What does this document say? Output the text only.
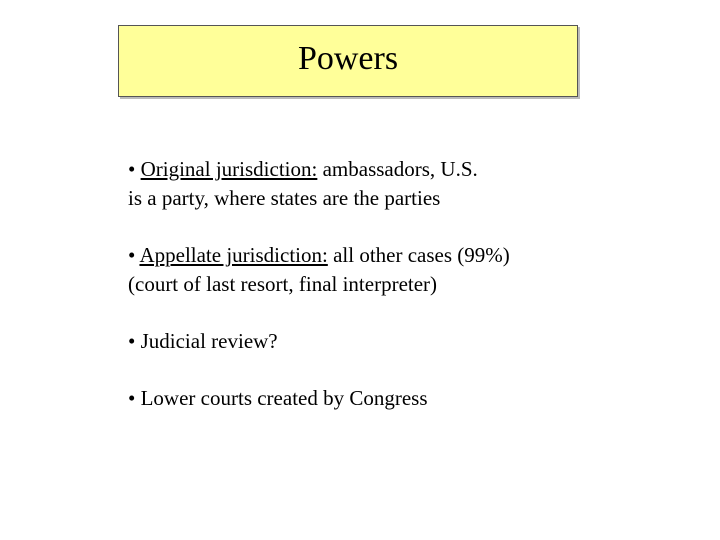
Powers
• Original jurisdiction: ambassadors, U.S.
is a party, where states are the parties
• Appellate jurisdiction: all other cases (99%)
(court of last resort, final interpreter)
• Judicial review?
• Lower courts created by Congress
